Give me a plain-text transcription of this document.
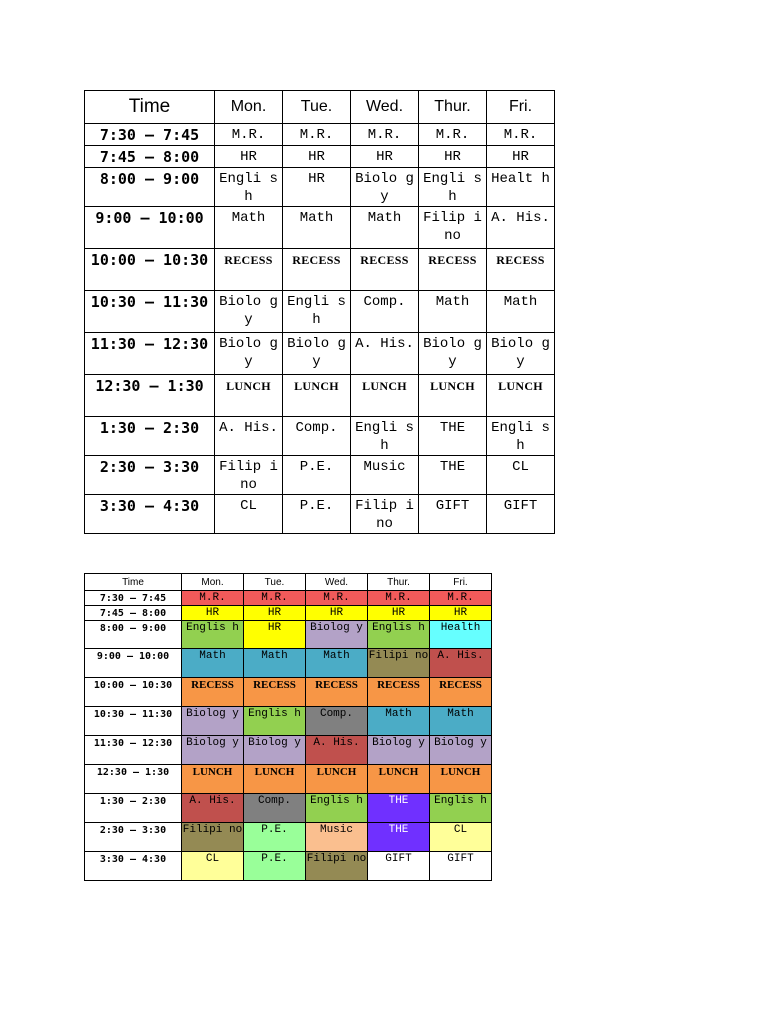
Time	Mon.	Tue.	Wed.	Thur.	Fri.
7:30 – 7:45	M.R.	M.R.	M.R.	M.R.	M.R.
7:45 – 8:00	HR	HR	HR	HR	HR
8:00 – 9:00	Engli sh	HR	Biolo gy	Engli sh	Healt h
9:00 – 10:00	Math	Math	Math	Filip ino	A. His.
10:00 – 10:30	RECESS	RECESS	RECESS	RECESS	RECESS
10:30 – 11:30	Biolo gy	Engli sh	Comp.	Math	Math
11:30 – 12:30	Biolo gy	Biolo gy	A. His.	Biolo gy	Biolo gy
12:30 – 1:30	LUNCH	LUNCH	LUNCH	LUNCH	LUNCH
1:30 – 2:30	A. His.	Comp.	Engli sh	THE	Engli sh
2:30 – 3:30	Filip ino	P.E.	Music	THE	CL
3:30 – 4:30	CL	P.E.	Filip ino	GIFT	GIFT
Time	Mon.	Tue.	Wed.	Thur.	Fri.
7:30 – 7:45	M.R.	M.R.	M.R.	M.R.	M.R.
7:45 – 8:00	HR	HR	HR	HR	HR
8:00 – 9:00	Englis h	HR	Biolog y	Englis h	Health
9:00 – 10:00	Math	Math	Math	Filipi no	A. His.
10:00 – 10:30	RECESS	RECESS	RECESS	RECESS	RECESS
10:30 – 11:30	Biolog y	Englis h	Comp.	Math	Math
11:30 – 12:30	Biolog y	Biolog y	A. His.	Biolog y	Biolog y
12:30 – 1:30	LUNCH	LUNCH	LUNCH	LUNCH	LUNCH
1:30 – 2:30	A. His.	Comp.	Englis h	THE	Englis h
2:30 – 3:30	Filipi no	P.E.	Music	THE	CL
3:30 – 4:30	CL	P.E.	Filipi no	GIFT	GIFT
